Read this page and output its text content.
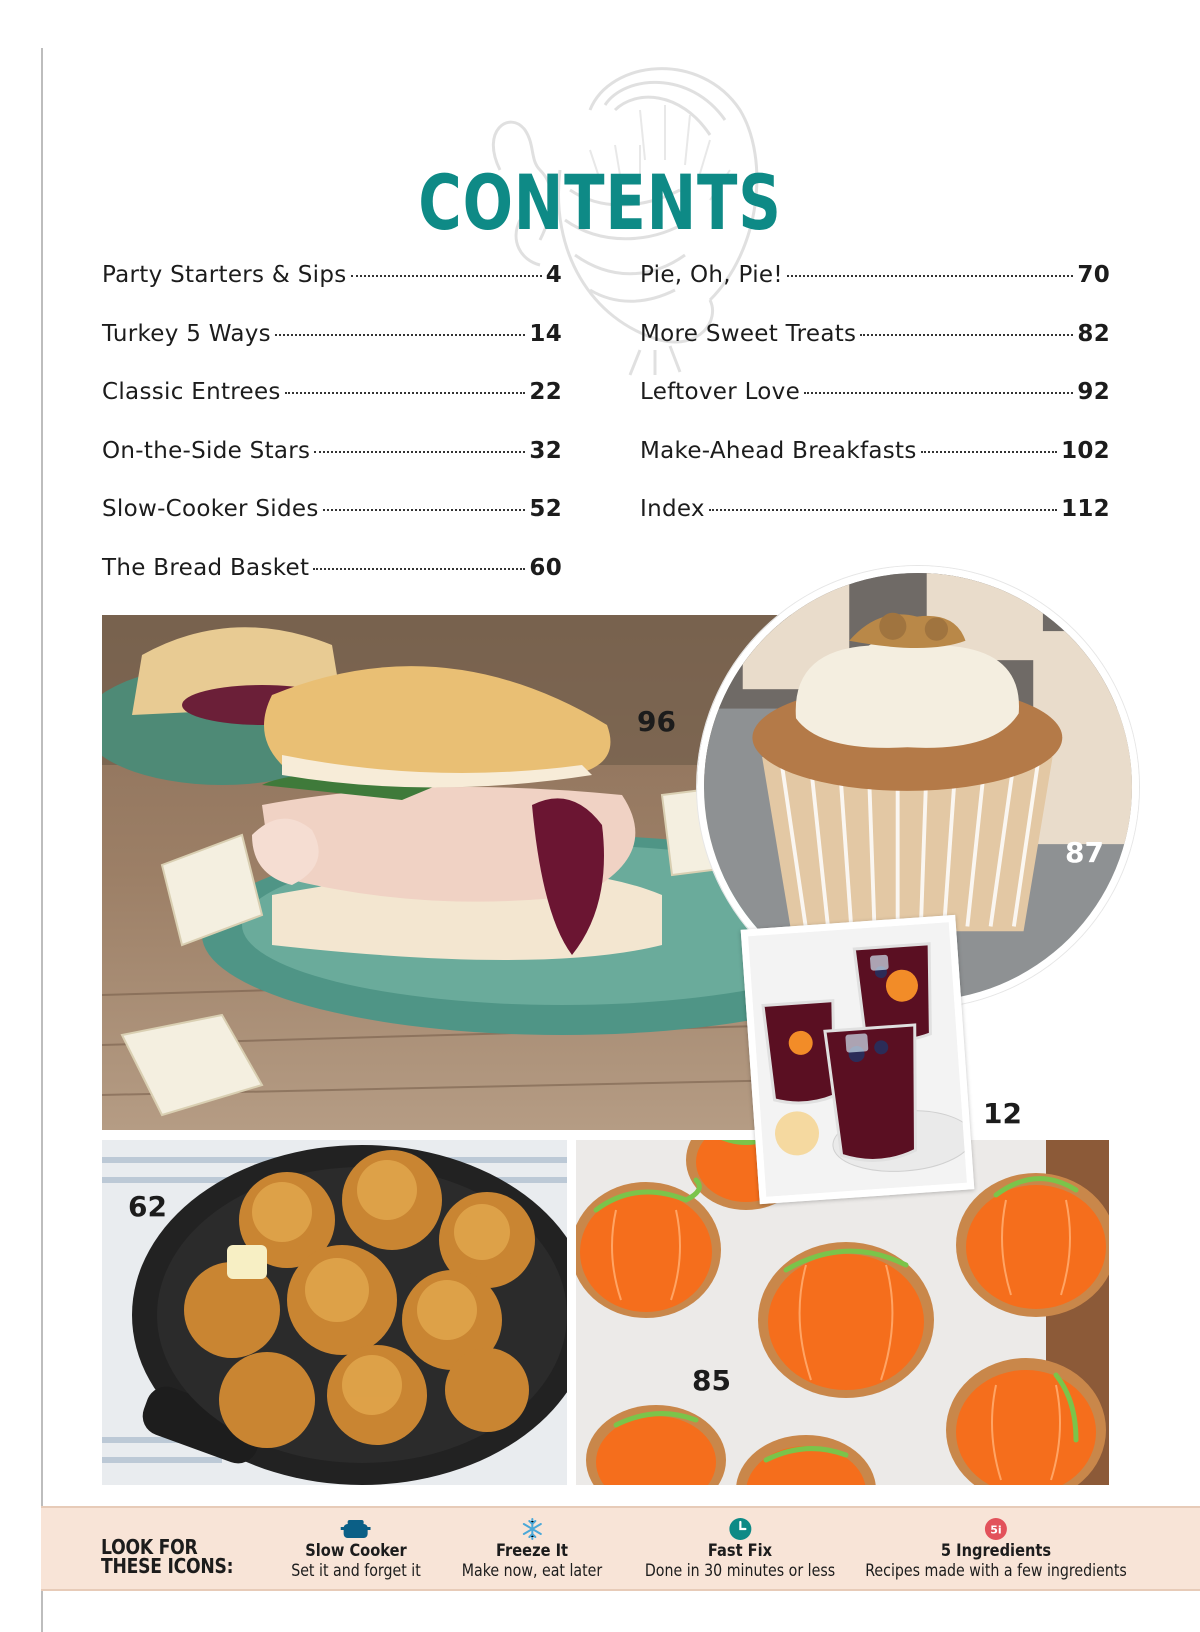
CONTENTS
Party Starters & Sips	4
Turkey 5 Ways	14
Classic Entrees	22
On-the-Side Stars	32
Slow-Cooker Sides	52
The Bread Basket	60
Pie, Oh, Pie!	70
More Sweet Treats	82
Leftover Love	92
Make-Ahead Breakfasts	102
Index	112
96
62
85
87
12
LOOK FOR
THESE ICONS:
Slow Cooker
Set it and forget it
Freeze It
Make now, eat later
Fast Fix
Done in 30 minutes or less
5i
5 Ingredients
Recipes made with a few ingredients
